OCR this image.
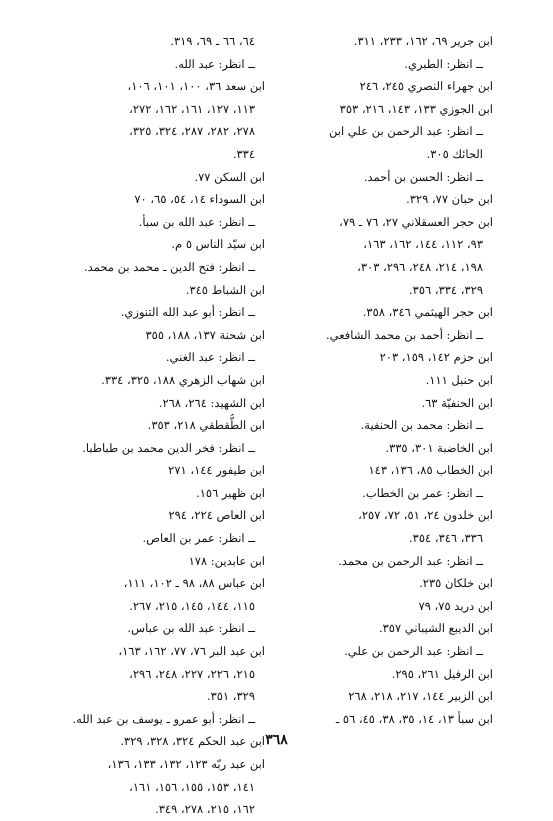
ابن جرير ٦٩، ١٦٢، ٢٣٣، ٣١١.
ــ انظر: الطبري.
ابن جهراء النصري ٢٤٥، ٢٤٦
ابن الجوزي ١٣٣، ١٤٣، ٢١٦، ٣٥٣
ــ انظر: عبد الرحمن بن علي ابن
الحائك ٣٠٥.
ــ انظر: الحسن بن أحمد.
ابن حبان ٧٧، ٣٢٩.
ابن حجر العسقلاني ٢٧، ٧٦ ـ ٧٩،
٩٣، ١١٢، ١٤٤، ١٦٢، ١٦٣،
١٩٨، ٢١٤، ٢٤٨، ٢٩٦، ٣٠٣،
٣٢٩، ٣٣٤، ٣٥٦.
ابن حجر الهيثمي ٣٤٦، ٣٥٨.
ــ انظر: أحمد بن محمد الشافعي.
ابن حزم ١٤٢، ١٥٩، ٢٠٣
ابن حنبل ١١١.
ابن الحنفيّة ٦٣.
ــ انظر: محمد بن الحنفية.
ابن الخاضبة ٣٠١، ٣٣٥.
ابن الخطاب ٨٥، ١٣٦، ١٤٣
ــ انظر: عمر بن الخطاب.
ابن خلدون ٢٤، ٥١، ٧٢، ٢٥٧،
٣٣٦، ٣٤٦، ٣٥٤.
ــ انظر: عبد الرحمن بن محمد.
ابن خلكان ٢٣٥.
ابن دريد ٧٥، ٧٩
ابن الديبع الشيباني ٣٥٧.
ــ انظر: عبد الرحمن بن علي.
ابن الرفيل ٢٦١، ٢٩٥.
ابن الزبير ١٤٤، ٢١٧، ٢١٨، ٢٦٨
ابن سبأ ١٣، ١٤، ٣٥، ٣٨، ٤٥، ٥٦ ـ
٦٤، ٦٦ ـ ٦٩، ٣١٩.
ــ انظر: عبد الله.
ابن سعد ٣٦، ١٠٠، ١٠١، ١٠٦،
١١٣، ١٢٧، ١٦١، ١٦٢، ٢٧٢،
٢٧٨، ٢٨٢، ٢٨٧، ٣٢٤، ٣٢٥،
٣٣٤.
ابن السكن ٧٧.
ابن السوداء ١٤، ٥٤، ٦٥، ٧٠
ــ انظر: عبد الله بن سبأ.
ابن سيّد الناس ٥ م.
ــ انظر: فتح الدين ـ محمد بن محمد.
ابن الشباط ٣٤٥.
ــ انظر: أبو عبد الله التنوزي.
ابن شحنة ١٣٧، ١٨٨، ٣٥٥
ــ انظر: عبد الغني.
ابن شهاب الزهري ١٨٨، ٣٢٥، ٣٣٤.
ابن الشهيد: ٢٦٤، ٢٦٨.
ابن الطُّقطقي ٢١٨، ٣٥٣.
ــ انظر: فخر الدين محمد بن طباطبا.
ابن طيفور ١٤٤، ٢٧١
ابن ظهير ١٥٦.
ابن العاص ٢٢٤، ٢٩٤
ــ انظر: عمر بن العاص.
ابن عابدين: ١٧٨
ابن عباس ٨٨، ٩٨ ـ ١٠٢، ١١١،
١١٥، ١٤٤، ١٤٥، ٢١٥، ٢٦٧.
ــ انظر: عبد الله بن عباس.
ابن عبد البر ٧٦، ٧٧، ١٦٢، ١٦٣،
٢١٥، ٢٢٦، ٢٢٧، ٢٤٨، ٢٩٦،
٣٢٩، ٣٥١.
ــ انظر: أبو عمرو ـ يوسف بن عبد الله.
ابن عبد الحكم ٣٢٤، ٣٢٨، ٣٢٩.
ابن عبد ربّه ١٢٣، ١٣٢، ١٣٣، ١٣٦،
١٤١، ١٥٣، ١٥٥، ١٥٦، ١٦١،
١٦٢، ٢١٥، ٢٧٨، ٣٤٩.
٣٦٨
